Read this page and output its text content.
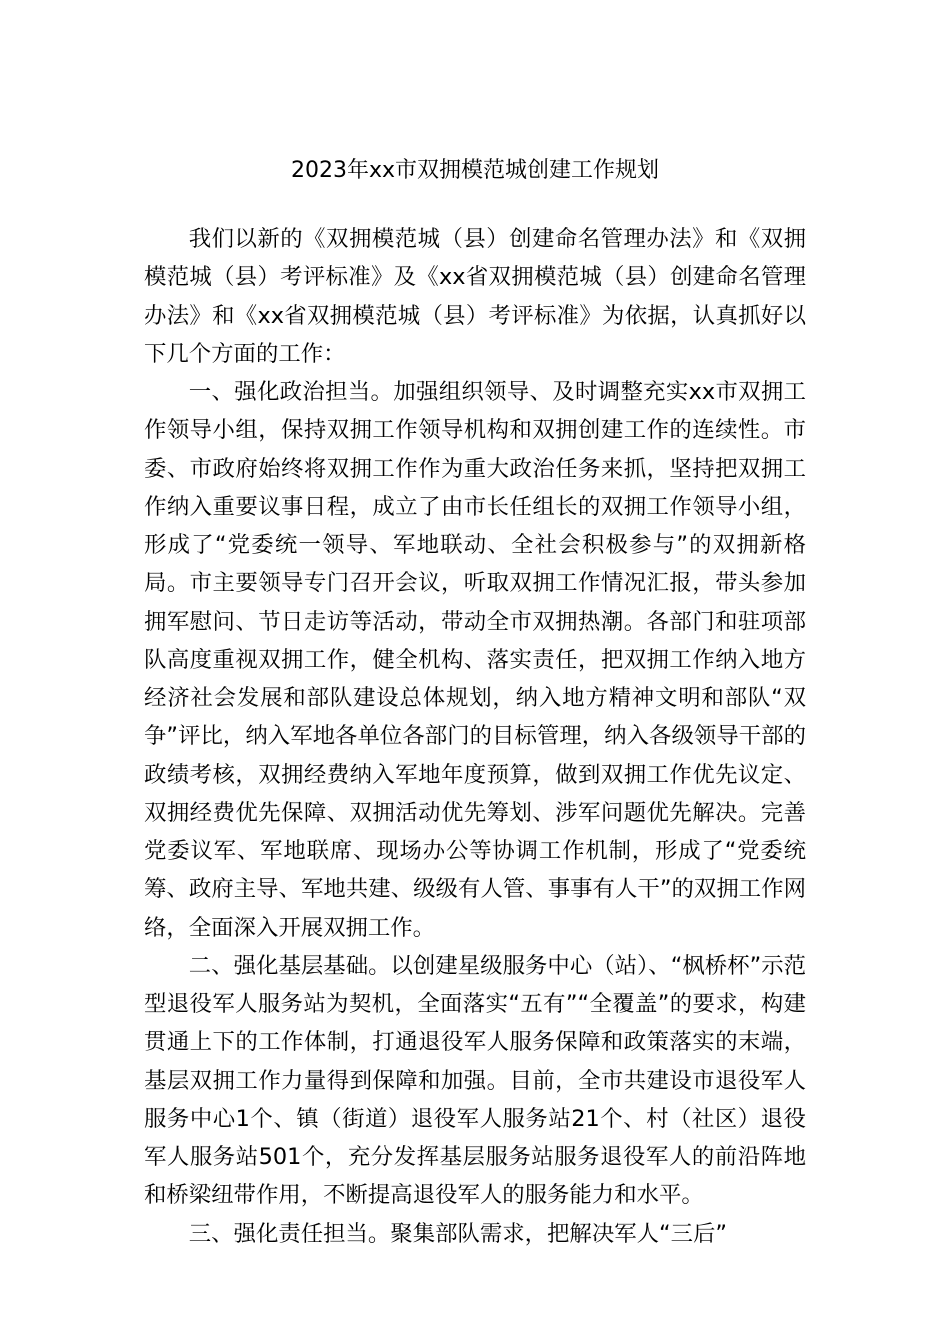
2023年xx市双拥模范城创建工作规划

我们以新的《双拥模范城（县）创建命名管理办法》和《双拥模范城（县）考评标准》及《xx省双拥模范城（县）创建命名管理办法》和《xx省双拥模范城（县）考评标准》为依据，认真抓好以下几个方面的工作：

一、强化政治担当。加强组织领导、及时调整充实xx市双拥工作领导小组，保持双拥工作领导机构和双拥创建工作的连续性。市委、市政府始终将双拥工作作为重大政治任务来抓，坚持把双拥工作纳入重要议事日程，成立了由市长任组长的双拥工作领导小组，形成了“党委统一领导、军地联动、全社会积极参与”的双拥新格局。市主要领导专门召开会议，听取双拥工作情况汇报，带头参加拥军慰问、节日走访等活动，带动全市双拥热潮。各部门和驻项部队高度重视双拥工作，健全机构、落实责任，把双拥工作纳入地方经济社会发展和部队建设总体规划，纳入地方精神文明和部队“双争”评比，纳入军地各单位各部门的目标管理，纳入各级领导干部的政绩考核，双拥经费纳入军地年度预算，做到双拥工作优先议定、双拥经费优先保障、双拥活动优先筹划、涉军问题优先解决。完善党委议军、军地联席、现场办公等协调工作机制，形成了“党委统筹、政府主导、军地共建、级级有人管、事事有人干”的双拥工作网络，全面深入开展双拥工作。

二、强化基层基础。以创建星级服务中心（站）、“枫桥杯”示范型退役军人服务站为契机，全面落实“五有”“全覆盖”的要求，构建贯通上下的工作体制，打通退役军人服务保障和政策落实的末端，基层双拥工作力量得到保障和加强。目前，全市共建设市退役军人服务中心1个、镇（街道）退役军人服务站21个、村（社区）退役军人服务站501个，充分发挥基层服务站服务退役军人的前沿阵地和桥梁纽带作用，不断提高退役军人的服务能力和水平。

三、强化责任担当。聚集部队需求，把解决军人“三后”
